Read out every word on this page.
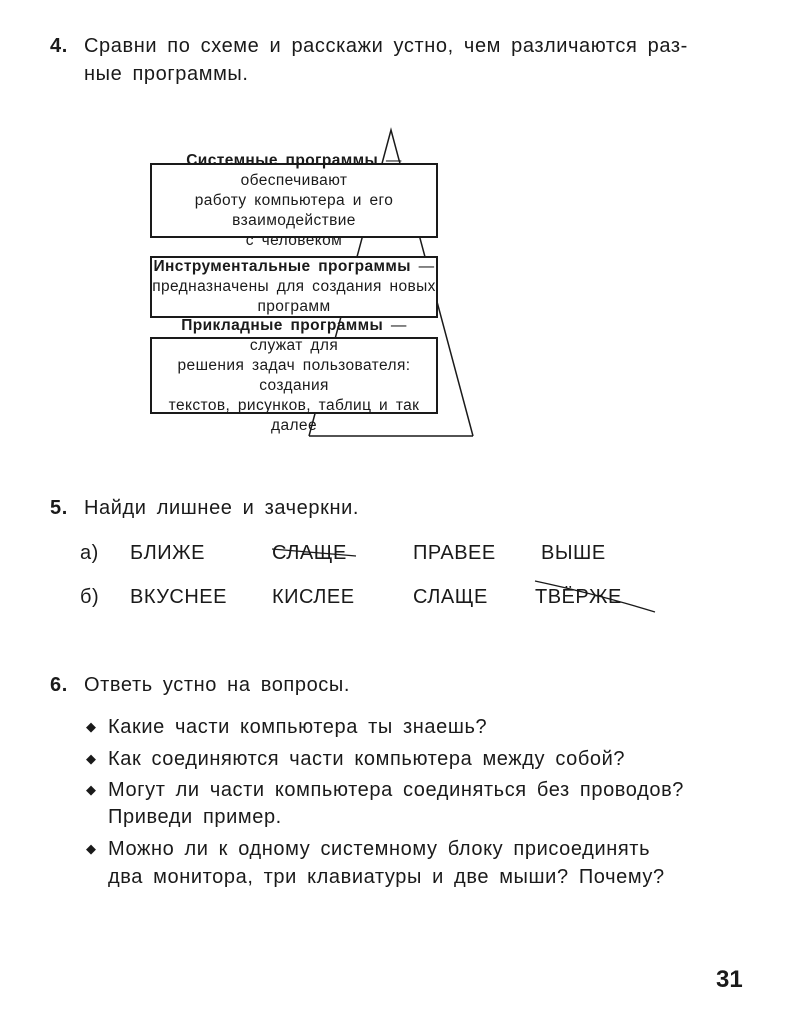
4. Сравни по схеме и расскажи устно, чем различаются раз-
ные программы.
Системные программы — обеспечивают
работу компьютера и его взаимодействие
с человеком
Инструментальные программы —
предназначены для создания новых программ
Прикладные программы — служат для
решения задач пользователя: создания
текстов, рисунков, таблиц и так далее
5. Найди лишнее и зачеркни.
а) БЛИЖЕ	СЛАЩЕ	ПРАВЕЕ ВЫШЕ
б) ВКУСНЕЕ КИСЛЕЕ	СЛАЩЕ ТВЁРЖЕ
6. Ответь устно на вопросы.
◆ Какие части компьютера ты знаешь?
◆ Как соединяются части компьютера между собой?
◆ Могут ли части компьютера соединяться без проводов?
Приведи пример.
◆ Можно ли к одному системному блоку присоединять
два монитора, три клавиатуры и две мыши? Почему?
31
